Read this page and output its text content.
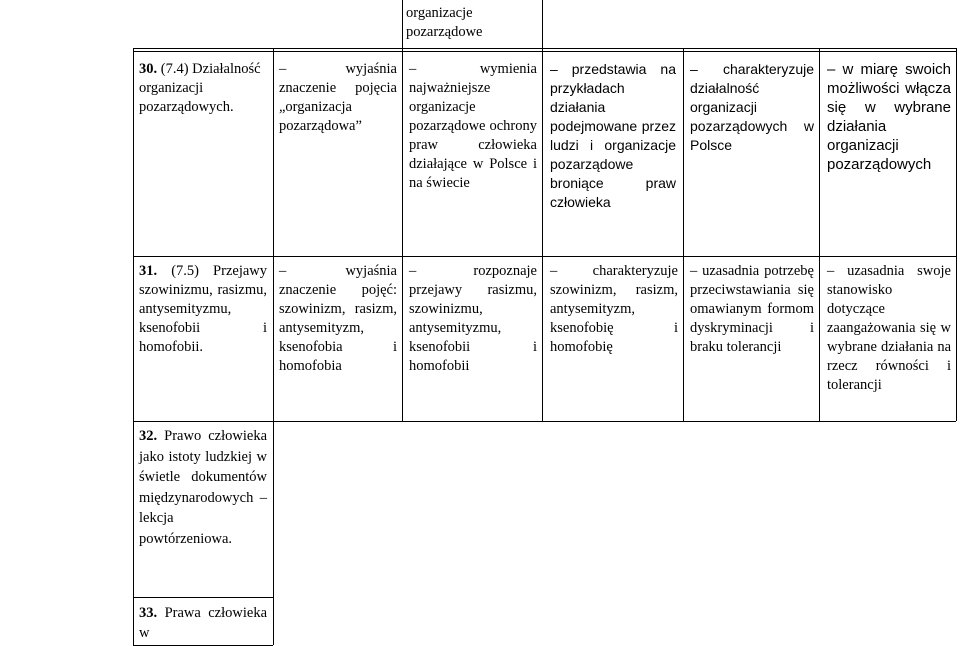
organizacje
pozarządowe
30. (7.4) Działalność organizacji pozarządowych.
– wyjaśnia znaczenie pojęcia „organizacja pozarządowa”
– wymienia najważniejsze organizacje pozarządowe ochrony praw człowieka działające w Polsce i na świecie
– przedstawia na przykładach działania podejmowane przez ludzi i organizacje pozarządowe broniące praw człowieka
– charakteryzuje działalność organizacji pozarządowych w Polsce
– w miarę swoich możliwości włącza się w wybrane działania organizacji pozarządowych
31. (7.5) Przejawy szowinizmu, rasizmu, antysemityzmu, ksenofobii i homofobii.
– wyjaśnia znaczenie pojęć: szowinizm, rasizm, antysemityzm, ksenofobia i homofobia
– rozpoznaje przejawy rasizmu, szowinizmu, antysemityzmu, ksenofobii i homofobii
– charakteryzuje szowinizm, rasizm, antysemityzm, ksenofobię i homofobię
– uzasadnia potrzebę przeciwstawiania się omawianym formom dyskryminacji i braku tolerancji
– uzasadnia swoje stanowisko dotyczące zaangażowania się w wybrane działania na rzecz równości i tolerancji
32. Prawo człowieka jako istoty ludzkiej w świetle dokumentów międzynarodowych – lekcja powtórzeniowa.
33. Prawa człowieka w
